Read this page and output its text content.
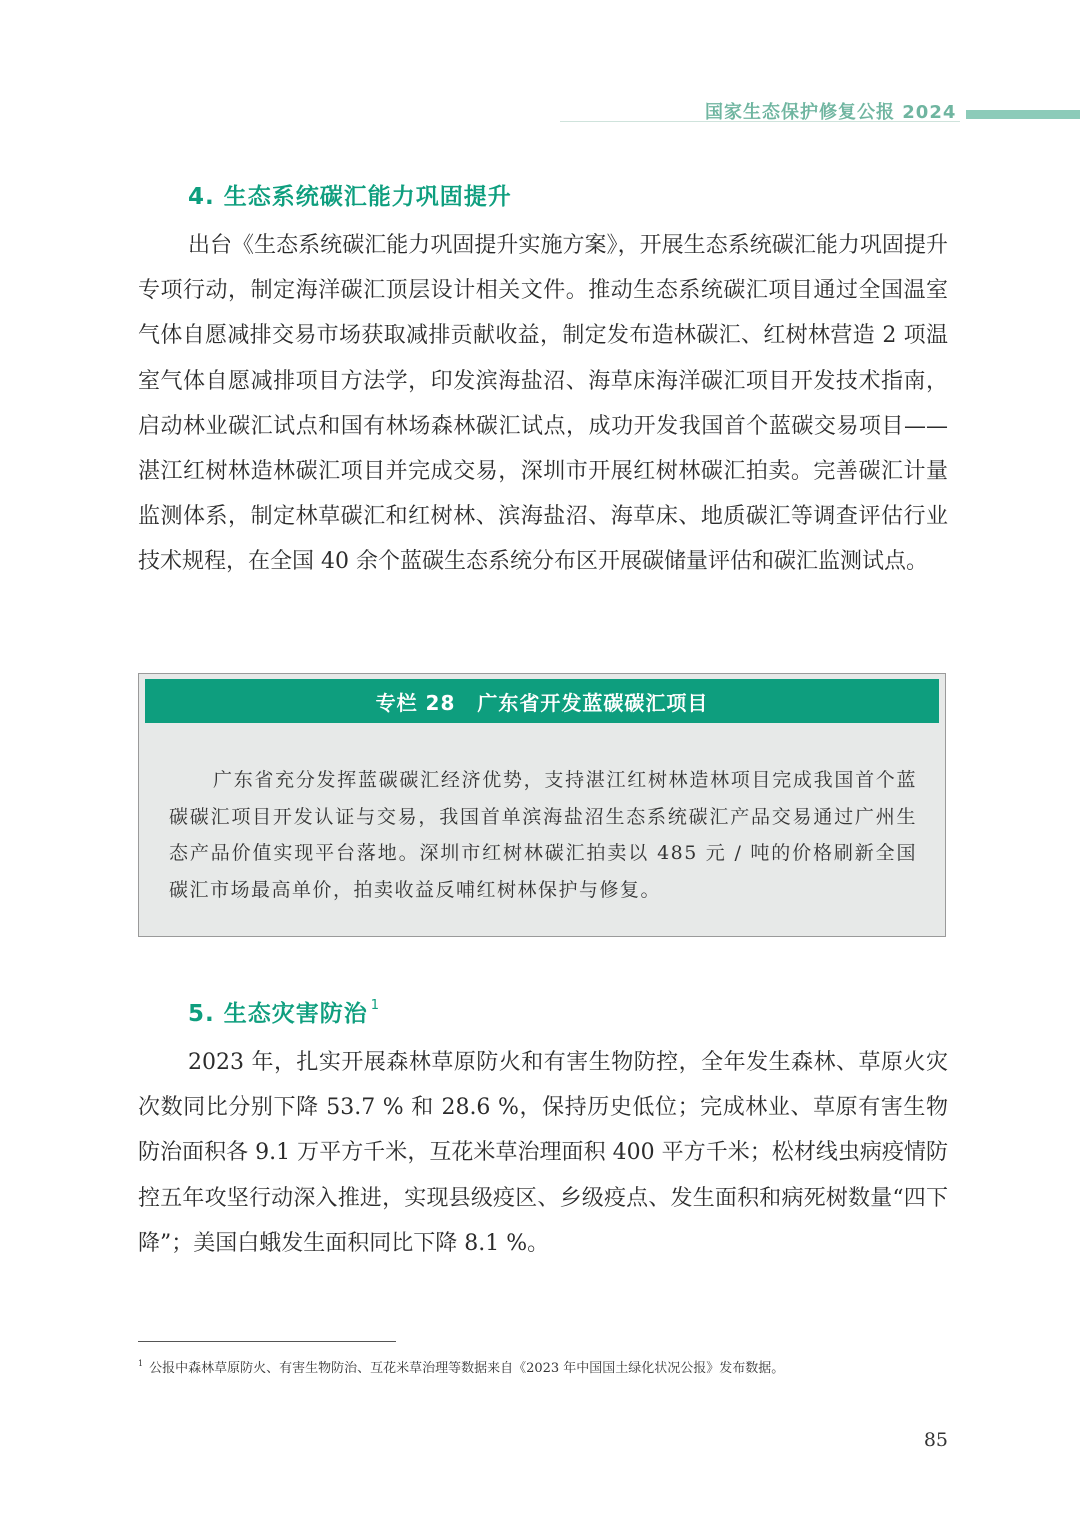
国家生态保护修复公报 2024
4. 生态系统碳汇能力巩固提升

出台《生态系统碳汇能力巩固提升实施方案》，开展生态系统碳汇能力巩固提升专项行动，制定海洋碳汇顶层设计相关文件。推动生态系统碳汇项目通过全国温室气体自愿减排交易市场获取减排贡献收益，制定发布造林碳汇、红树林营造 2 项温室气体自愿减排项目方法学，印发滨海盐沼、海草床海洋碳汇项目开发技术指南，启动林业碳汇试点和国有林场森林碳汇试点，成功开发我国首个蓝碳交易项目——湛江红树林造林碳汇项目并完成交易，深圳市开展红树林碳汇拍卖。完善碳汇计量监测体系，制定林草碳汇和红树林、滨海盐沼、海草床、地质碳汇等调查评估行业技术规程，在全国 40 余个蓝碳生态系统分布区开展碳储量评估和碳汇监测试点。

专栏 28 广东省开发蓝碳碳汇项目

广东省充分发挥蓝碳碳汇经济优势，支持湛江红树林造林项目完成我国首个蓝碳碳汇项目开发认证与交易，我国首单滨海盐沼生态系统碳汇产品交易通过广州生态产品价值实现平台落地。深圳市红树林碳汇拍卖以 485 元 / 吨的价格刷新全国碳汇市场最高单价，拍卖收益反哺红树林保护与修复。

5. 生态灾害防治 $^1$

2023 年，扎实开展森林草原防火和有害生物防控，全年发生森林、草原火灾次数同比分别下降 53.7 % 和 28.6 %，保持历史低位；完成林业、草原有害生物防治面积各 9.1 万平方千米，互花米草治理面积 400 平方千米；松材线虫病疫情防控五年攻坚行动深入推进，实现县级疫区、乡级疫点、发生面积和病死树数量“四下降”；美国白蛾发生面积同比下降 8.1 %。

$^1$ 公报中森林草原防火、有害生物防治、互花米草治理等数据来自《2023 年中国国土绿化状况公报》发布数据。

85
